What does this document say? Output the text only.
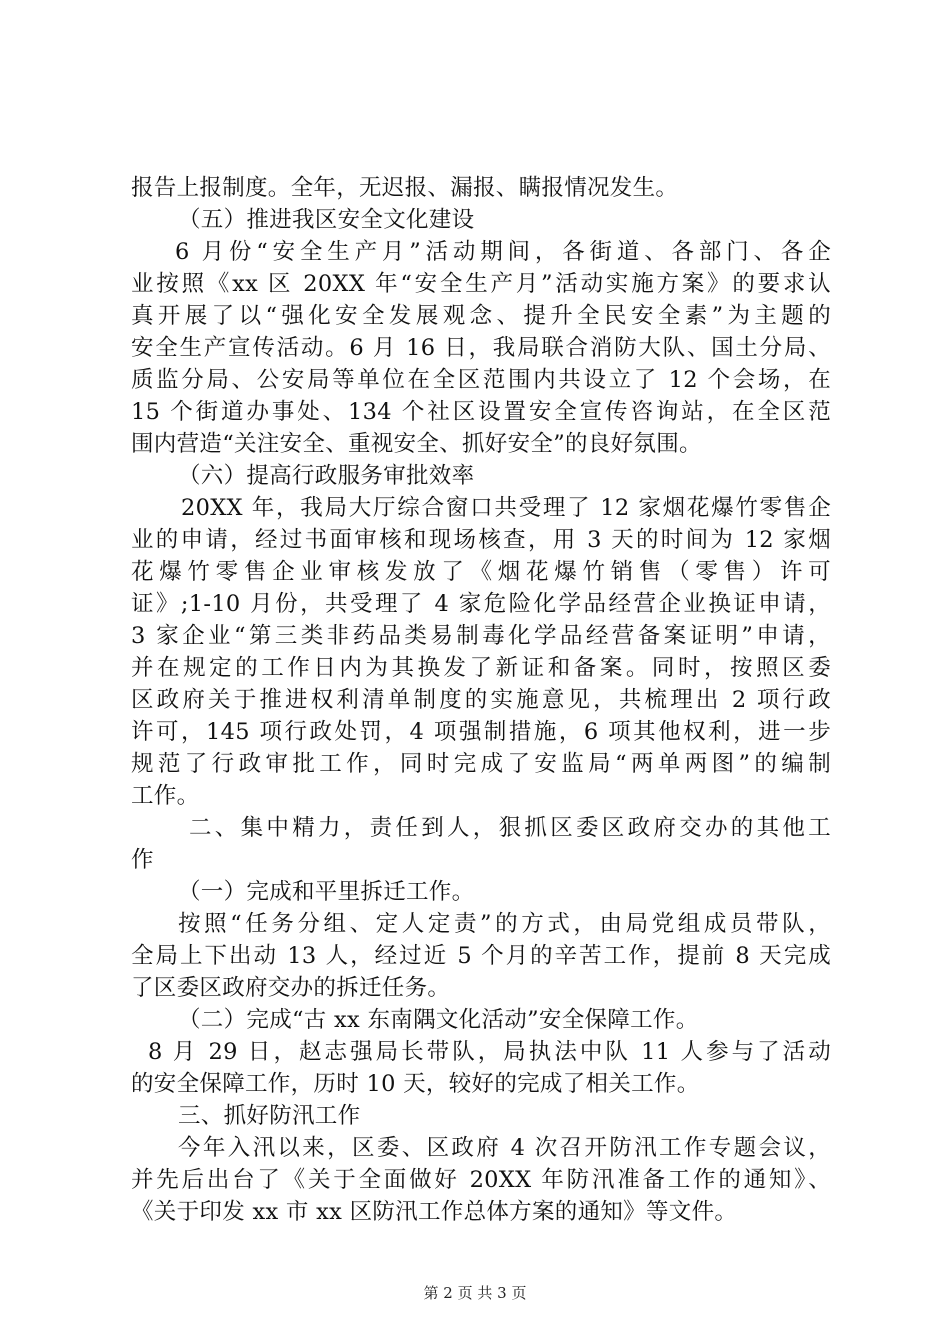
报告上报制度。全年，无迟报、漏报、瞒报情况发生。
（五）推进我区安全文化建设
6 月份“安全生产月”活动期间，各街道、各部门、各企
业按照《xx 区 20XX 年“安全生产月”活动实施方案》的要求认
真开展了以“强化安全发展观念、提升全民安全素”为主题的
安全生产宣传活动。6 月 16 日，我局联合消防大队、国土分局、
质监分局、公安局等单位在全区范围内共设立了 12 个会场，在
15 个街道办事处、134 个社区设置安全宣传咨询站，在全区范
围内营造“关注安全、重视安全、抓好安全”的良好氛围。
（六）提高行政服务审批效率
20XX 年，我局大厅综合窗口共受理了 12 家烟花爆竹零售企
业的申请，经过书面审核和现场核查，用 3 天的时间为 12 家烟
花爆竹零售企业审核发放了《烟花爆竹销售（零售）许可
证》;1-10 月份，共受理了 4 家危险化学品经营企业换证申请，
3 家企业“第三类非药品类易制毒化学品经营备案证明”申请，
并在规定的工作日内为其换发了新证和备案。同时，按照区委
区政府关于推进权利清单制度的实施意见，共梳理出 2 项行政
许可，145 项行政处罚，4 项强制措施，6 项其他权利，进一步
规范了行政审批工作，同时完成了安监局“两单两图”的编制
工作。
二、集中精力，责任到人，狠抓区委区政府交办的其他工
作
（一）完成和平里拆迁工作。
按照“任务分组、定人定责”的方式，由局党组成员带队，
全局上下出动 13 人，经过近 5 个月的辛苦工作，提前 8 天完成
了区委区政府交办的拆迁任务。
（二）完成“古 xx 东南隅文化活动”安全保障工作。
8 月 29 日，赵志强局长带队，局执法中队 11 人参与了活动
的安全保障工作，历时 10 天，较好的完成了相关工作。
三、抓好防汛工作
今年入汛以来，区委、区政府 4 次召开防汛工作专题会议，
并先后出台了《关于全面做好 20XX 年防汛准备工作的通知》、
《关于印发 xx 市 xx 区防汛工作总体方案的通知》等文件。
第 2 页 共 3 页
